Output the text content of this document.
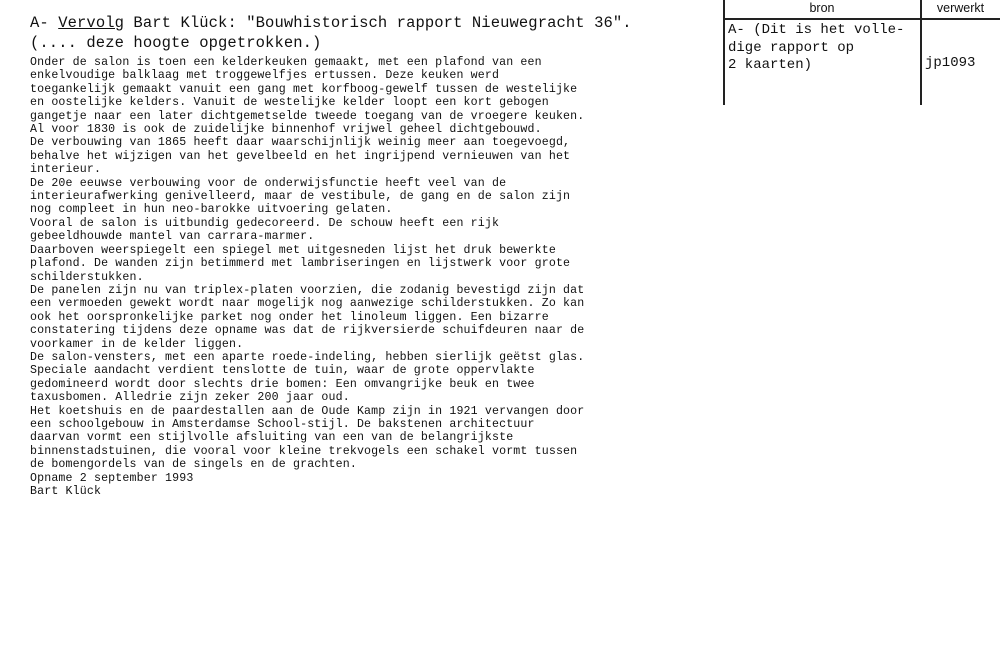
A- Vervolg Bart Klück: "Bouwhistorisch rapport Nieuwegracht 36".
(.... deze hoogte opgetrokken.)
Onder de salon is toen een kelderkeuken gemaakt, met een plafond van een
enkelvoudige balklaag met troggewelfjes ertussen. Deze keuken werd
toegankelijk gemaakt vanuit een gang met korfboog-gewelf tussen de westelijke
en oostelijke kelders. Vanuit de westelijke kelder loopt een kort gebogen
gangetje naar een later dichtgemetselde tweede toegang van de vroegere keuken.
Al voor 1830 is ook de zuidelijke binnenhof vrijwel geheel dichtgebouwd.
De verbouwing van 1865 heeft daar waarschijnlijk weinig meer aan toegevoegd,
behalve het wijzigen van het gevelbeeld en het ingrijpend vernieuwen van het
interieur.
De 20e eeuwse verbouwing voor de onderwijsfunctie heeft veel van de
interieurafwerking genivelleerd, maar de vestibule, de gang en de salon zijn
nog compleet in hun neo-barokke uitvoering gelaten.
Vooral de salon is uitbundig gedecoreerd. De schouw heeft een rijk
gebeeldhouwde mantel van carrara-marmer.
Daarboven weerspiegelt een spiegel met uitgesneden lijst het druk bewerkte
plafond. De wanden zijn betimmerd met lambriseringen en lijstwerk voor grote
schilderstukken.
De panelen zijn nu van triplex-platen voorzien, die zodanig bevestigd zijn dat
een vermoeden gewekt wordt naar mogelijk nog aanwezige schilderstukken. Zo kan
ook het oorspronkelijke parket nog onder het linoleum liggen. Een bizarre
constatering tijdens deze opname was dat de rijkversierde schuifdeuren naar de
voorkamer in de kelder liggen.
De salon-vensters, met een aparte roede-indeling, hebben sierlijk geëtst glas.
Speciale aandacht verdient tenslotte de tuin, waar de grote oppervlakte
gedomineerd wordt door slechts drie bomen: Een omvangrijke beuk en twee
taxusbomen. Alledrie zijn zeker 200 jaar oud.
Het koetshuis en de paardestallen aan de Oude Kamp zijn in 1921 vervangen door
een schoolgebouw in Amsterdamse School-stijl. De bakstenen architectuur
daarvan vormt een stijlvolle afsluiting van een van de belangrijkste
binnenstadstuinen, die vooral voor kleine trekvogels een schakel vormt tussen
de bomengordels van de singels en de grachten.
Opname 2 september 1993
Bart Klück
bron	verwerkt
A- (Dit is het volle-
dige rapport op
2 kaarten)	jp1093
